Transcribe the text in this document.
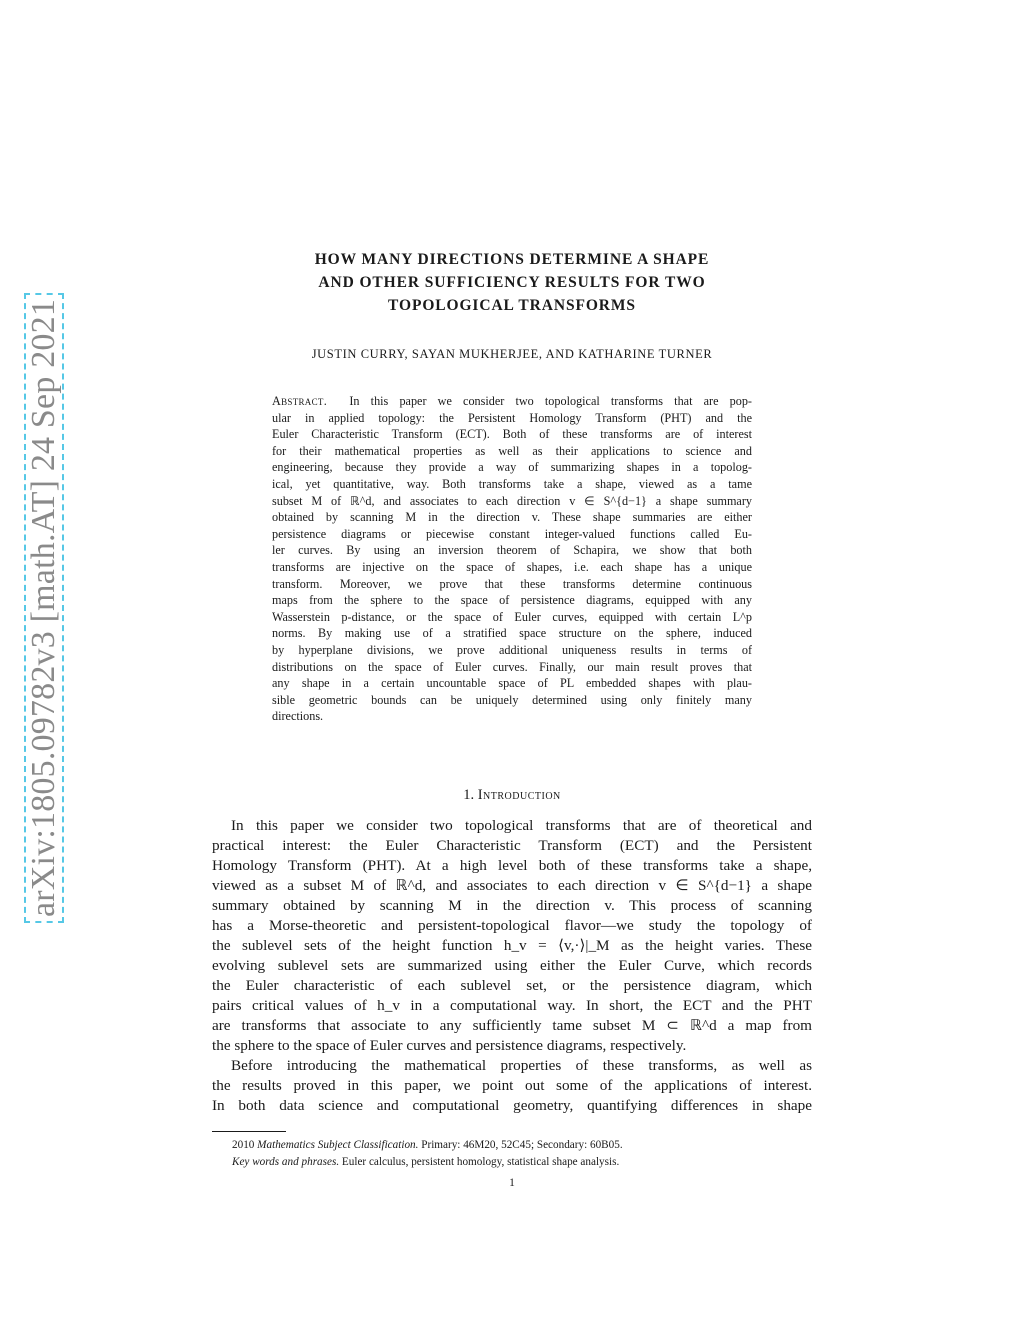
arXiv:1805.09782v3 [math.AT] 24 Sep 2021
HOW MANY DIRECTIONS DETERMINE A SHAPE
AND OTHER SUFFICIENCY RESULTS FOR TWO
TOPOLOGICAL TRANSFORMS
JUSTIN CURRY, SAYAN MUKHERJEE, AND KATHARINE TURNER
Abstract. In this paper we consider two topological transforms that are pop-
ular in applied topology: the Persistent Homology Transform (PHT) and the
Euler Characteristic Transform (ECT). Both of these transforms are of interest
for their mathematical properties as well as their applications to science and
engineering, because they provide a way of summarizing shapes in a topolog-
ical, yet quantitative, way. Both transforms take a shape, viewed as a tame
subset M of ℝ^d, and associates to each direction v ∈ S^{d−1} a shape summary
obtained by scanning M in the direction v. These shape summaries are either
persistence diagrams or piecewise constant integer-valued functions called Eu-
ler curves. By using an inversion theorem of Schapira, we show that both
transforms are injective on the space of shapes, i.e. each shape has a unique
transform. Moreover, we prove that these transforms determine continuous
maps from the sphere to the space of persistence diagrams, equipped with any
Wasserstein p-distance, or the space of Euler curves, equipped with certain L^p
norms. By making use of a stratified space structure on the sphere, induced
by hyperplane divisions, we prove additional uniqueness results in terms of
distributions on the space of Euler curves. Finally, our main result proves that
any shape in a certain uncountable space of PL embedded shapes with plau-
sible geometric bounds can be uniquely determined using only finitely many
directions.
1. Introduction
In this paper we consider two topological transforms that are of theoretical and
practical interest: the Euler Characteristic Transform (ECT) and the Persistent
Homology Transform (PHT). At a high level both of these transforms take a shape,
viewed as a subset M of ℝ^d, and associates to each direction v ∈ S^{d−1} a shape
summary obtained by scanning M in the direction v. This process of scanning
has a Morse-theoretic and persistent-topological flavor—we study the topology of
the sublevel sets of the height function h_v = ⟨v,·⟩|_M as the height varies. These
evolving sublevel sets are summarized using either the Euler Curve, which records
the Euler characteristic of each sublevel set, or the persistence diagram, which
pairs critical values of h_v in a computational way. In short, the ECT and the PHT
are transforms that associate to any sufficiently tame subset M ⊂ ℝ^d a map from
the sphere to the space of Euler curves and persistence diagrams, respectively.
Before introducing the mathematical properties of these transforms, as well as
the results proved in this paper, we point out some of the applications of interest.
In both data science and computational geometry, quantifying differences in shape
2010 Mathematics Subject Classification. Primary: 46M20, 52C45; Secondary: 60B05.
Key words and phrases. Euler calculus, persistent homology, statistical shape analysis.
1
